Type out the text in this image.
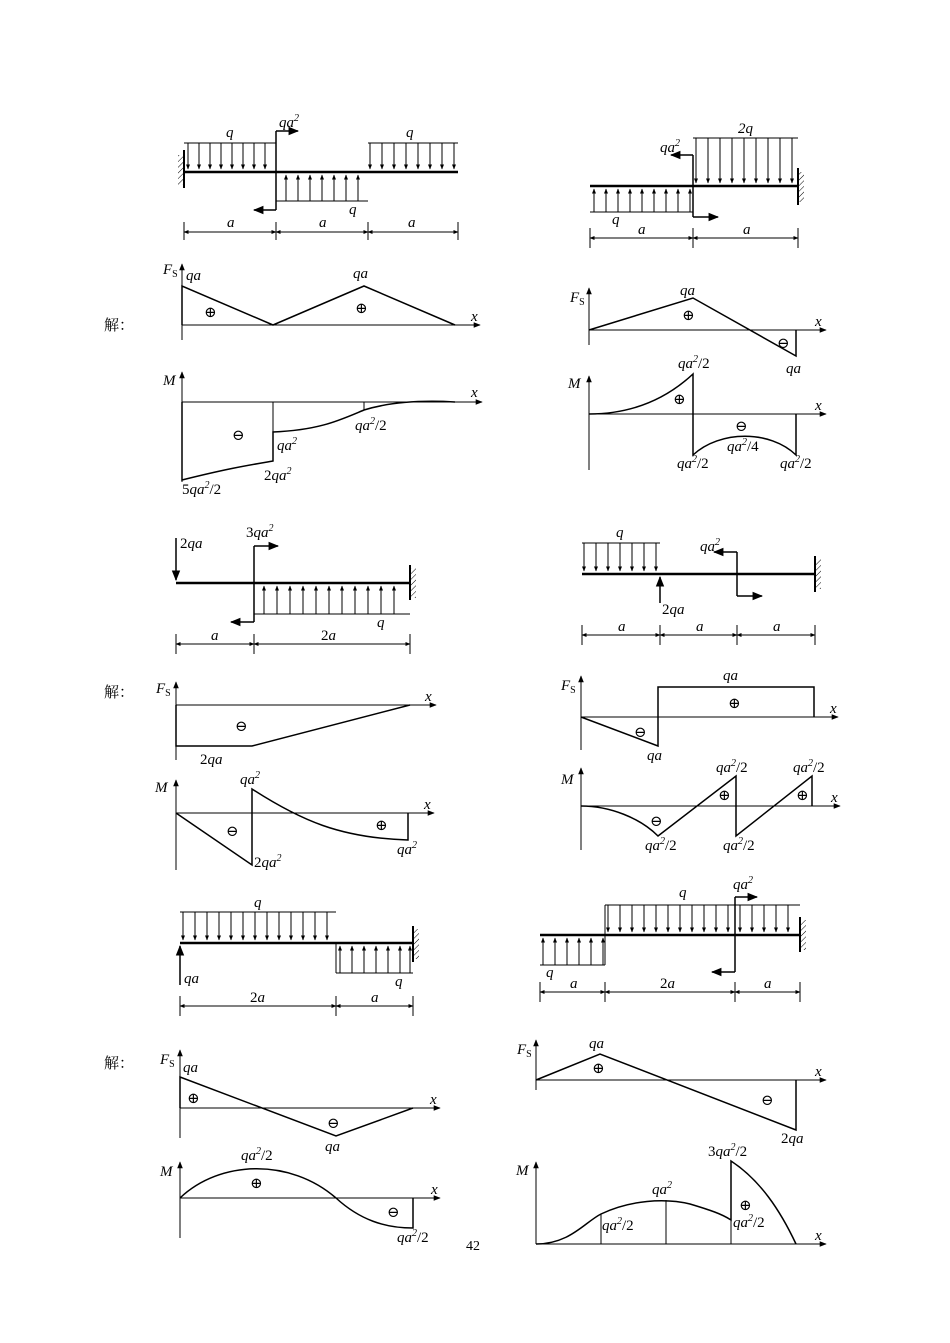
解：
解：
解：
q
$qa^2$
q
q
a	a	a
$F_S$ qa	qa
⊕	⊕	x
M
x
⊖
$qa^2$
$qa^2/2$
$5qa^2/2$
$2qa^2$
2q
$qa^2$
q
a	a
$F_S$
qa
⊕
⊖
qa
x
$qa^2/2$
M
⊕	x
⊖
$qa^2/4$
$qa^2/2$	$qa^2/2$
2qa
$3qa^2$
q
a	2a
$F_S$	x
⊖
2qa
$qa^2$
M
x
⊖	⊕
$qa^2$
$2qa^2$
q
$qa^2$
2qa
a	a	a
$F_S$
qa
⊕	x
⊖
qa
$qa^2/2$	$qa^2/2$
M
⊕	⊕ x
⊖
$qa^2/2$	$qa^2/2$
q
qa	q
2a	a
$F_S$ qa
⊕	x
⊖
qa
$qa^2/2$
M
⊕	x
⊖
$qa^2/2$
q	$qa^2$
q
a	2a	a
$F_S$
qa
⊕	x
⊖
2qa
$3qa^2/2$
M
$qa^2$
⊕
$qa^2/2$	$qa^2/2$
x
42
